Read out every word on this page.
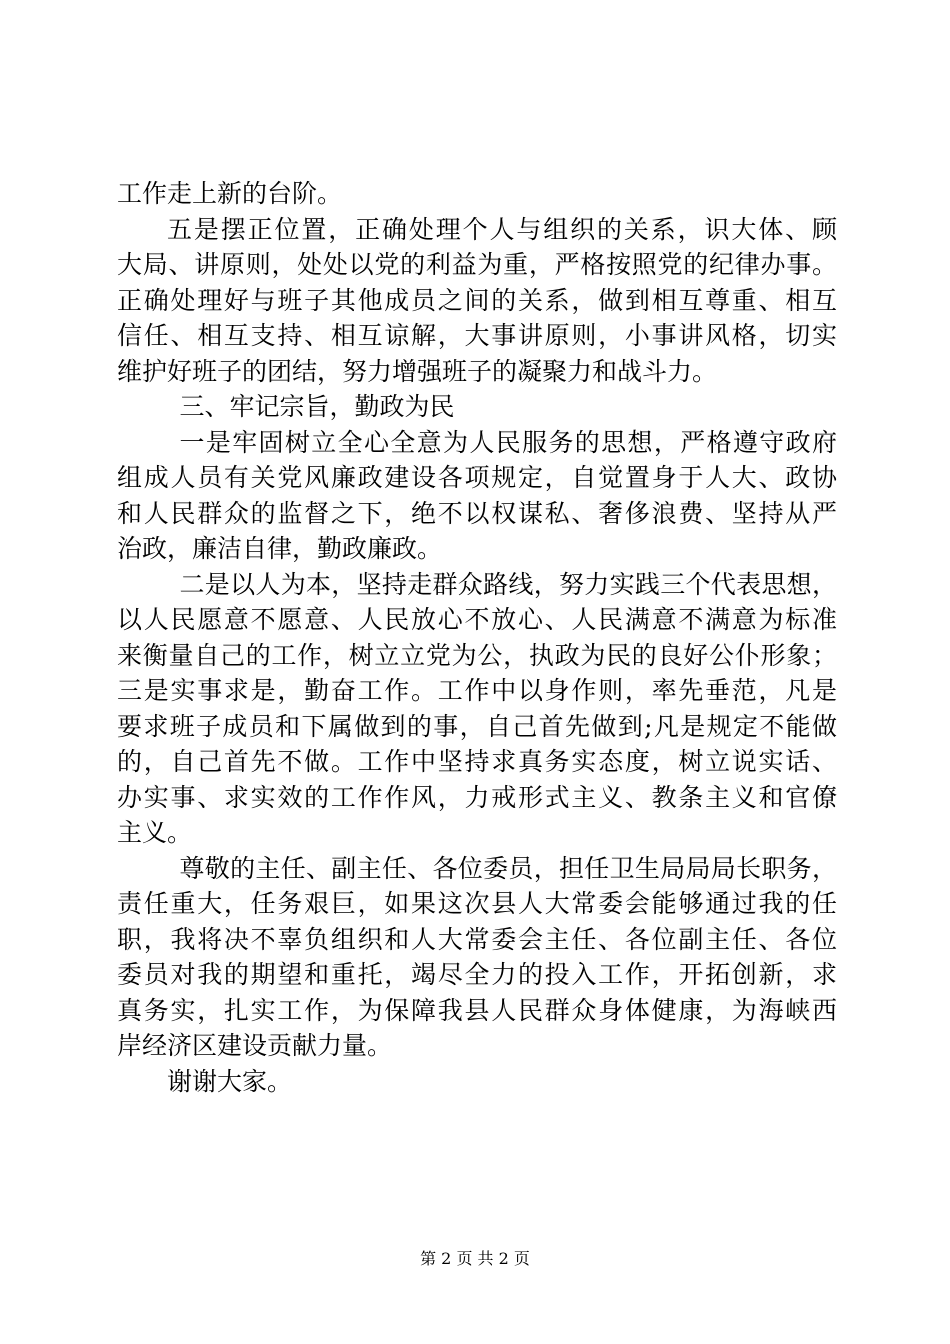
工作走上新的台阶。
五是摆正位置，正确处理个人与组织的关系，识大体、顾
大局、讲原则，处处以党的利益为重，严格按照党的纪律办事。
正确处理好与班子其他成员之间的关系，做到相互尊重、相互
信任、相互支持、相互谅解，大事讲原则，小事讲风格，切实
维护好班子的团结，努力增强班子的凝聚力和战斗力。
三、牢记宗旨，勤政为民
一是牢固树立全心全意为人民服务的思想，严格遵守政府
组成人员有关党风廉政建设各项规定，自觉置身于人大、政协
和人民群众的监督之下，绝不以权谋私、奢侈浪费、坚持从严
治政，廉洁自律，勤政廉政。
二是以人为本，坚持走群众路线，努力实践三个代表思想，
以人民愿意不愿意、人民放心不放心、人民满意不满意为标准
来衡量自己的工作，树立立党为公，执政为民的良好公仆形象；
三是实事求是，勤奋工作。工作中以身作则，率先垂范，凡是
要求班子成员和下属做到的事，自己首先做到;凡是规定不能做
的，自己首先不做。工作中坚持求真务实态度，树立说实话、
办实事、求实效的工作作风，力戒形式主义、教条主义和官僚
主义。
尊敬的主任、副主任、各位委员，担任卫生局局局长职务，
责任重大，任务艰巨，如果这次县人大常委会能够通过我的任
职，我将决不辜负组织和人大常委会主任、各位副主任、各位
委员对我的期望和重托，竭尽全力的投入工作，开拓创新，求
真务实，扎实工作，为保障我县人民群众身体健康，为海峡西
岸经济区建设贡献力量。
谢谢大家。
第 2 页 共 2 页
